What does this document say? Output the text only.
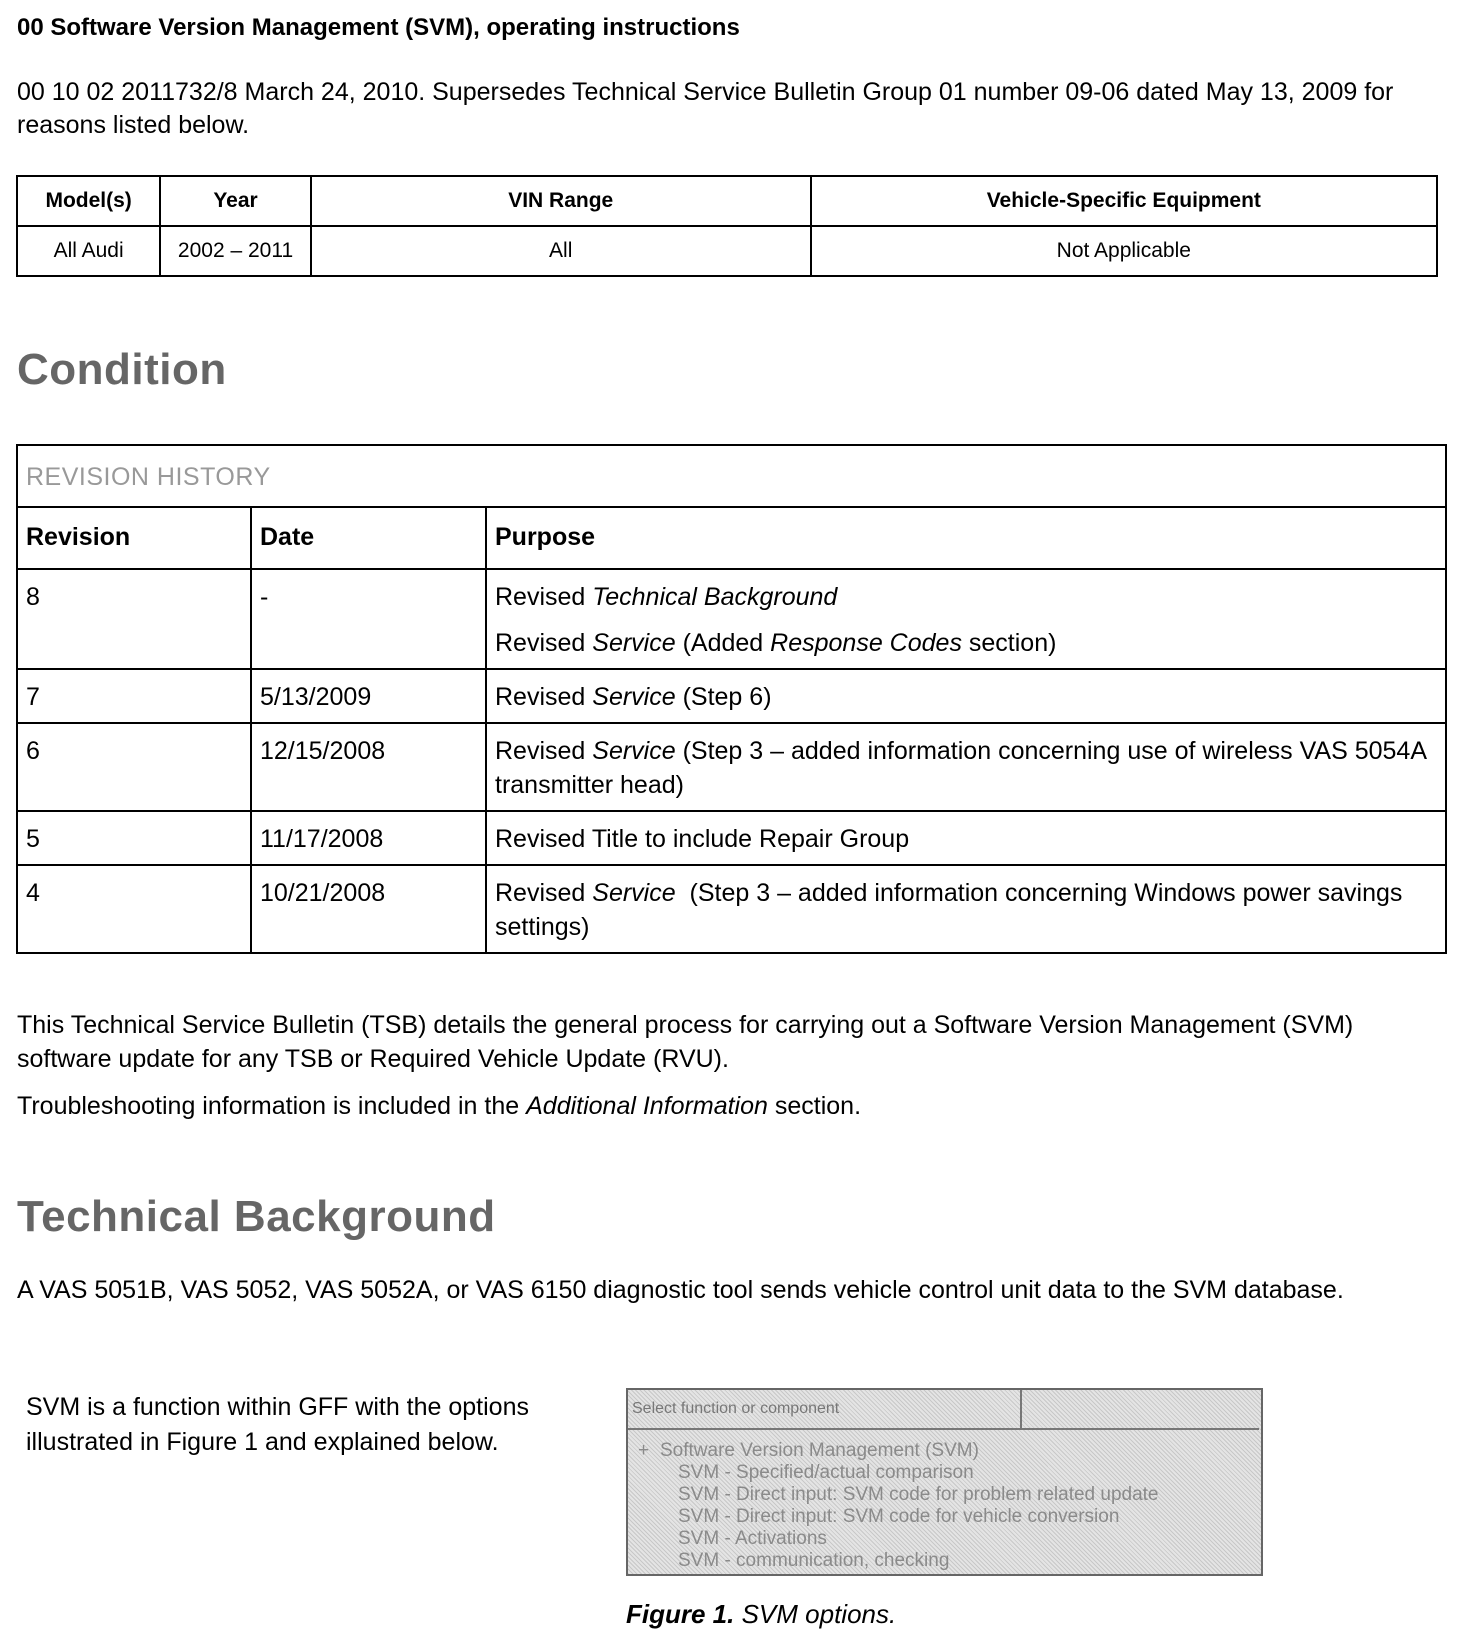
00 Software Version Management (SVM), operating instructions
00 10 02 2011732/8 March 24, 2010. Supersedes Technical Service Bulletin Group 01 number 09-06 dated May 13, 2009 for reasons listed below.
Model(s)	Year	VIN Range	Vehicle-Specific Equipment
All Audi	2002 – 2011	All	Not Applicable
Condition
REVISION HISTORY		
Revision	Date	Purpose
8	-	Revised Technical Background
Revised Service (Added Response Codes section)

7	5/13/2009	Revised Service (Step 6)
6	12/15/2008	Revised Service (Step 3 – added information concerning use of wireless VAS 5054A transmitter head)
5	11/17/2008	Revised Title to include Repair Group
4	10/21/2008	Revised Service  (Step 3 – added information concerning Windows power savings settings)
This Technical Service Bulletin (TSB) details the general process for carrying out a Software Version Management (SVM) software update for any TSB or Required Vehicle Update (RVU).
Troubleshooting information is included in the Additional Information section.
Technical Background
A VAS 5051B, VAS 5052, VAS 5052A, or VAS 6150 diagnostic tool sends vehicle control unit data to the SVM database.
SVM is a function within GFF with the options illustrated in Figure 1 and explained below.
Select function or component
+ Software Version Management (SVM)
SVM - Specified/actual comparison
SVM - Direct input: SVM code for problem related update
SVM - Direct input: SVM code for vehicle conversion
SVM - Activations
SVM - communication, checking
Figure 1. SVM options.
